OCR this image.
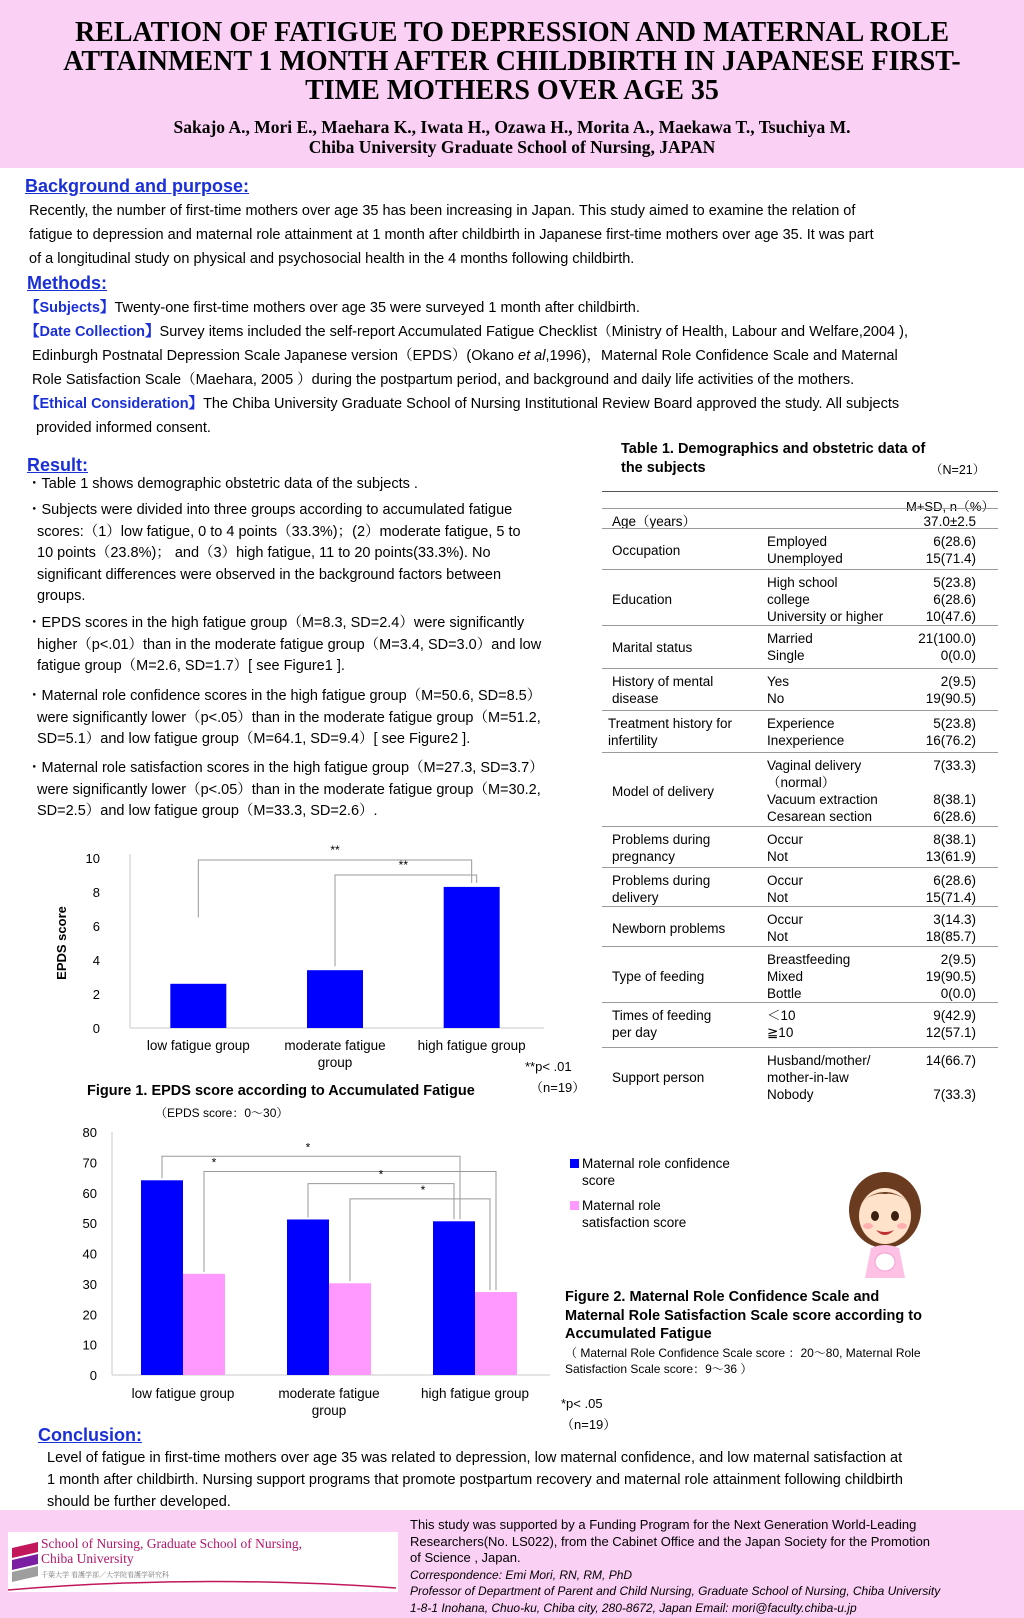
RELATION OF FATIGUE TO DEPRESSION AND MATERNAL ROLE
ATTAINMENT 1 MONTH AFTER CHILDBIRTH IN JAPANESE FIRST-
TIME MOTHERS OVER AGE 35
Sakajo A., Mori E., Maehara K., Iwata H., Ozawa H., Morita A., Maekawa T., Tsuchiya M.
Chiba University Graduate School of Nursing, JAPAN
Background and purpose:
Recently, the number of first-time mothers over age 35 has been increasing in Japan. This study aimed to examine the relation of
fatigue to depression and maternal role attainment at 1 month after childbirth in Japanese first-time mothers over age 35. It was part
of a longitudinal study on physical and psychosocial health in the 4 months following childbirth.
Methods:
【Subjects】Twenty-one first-time mothers over age 35 were surveyed 1 month after childbirth.
【Date Collection】Survey items included the self-report Accumulated Fatigue Checklist（Ministry of Health, Labour and Welfare,2004 ),
Edinburgh Postnatal Depression Scale Japanese version（EPDS）(Okano et al,1996)，Maternal Role Confidence Scale and Maternal
Role Satisfaction Scale（Maehara, 2005 ）during the postpartum period, and background and daily life activities of the mothers.
【Ethical Consideration】The Chiba University Graduate School of Nursing Institutional Review Board approved the study. All subjects
provided informed consent.
Result:
・Table 1 shows demographic obstetric data of the subjects .
・Subjects were divided into three groups according to accumulated fatigue
scores:（1）low fatigue, 0 to 4 points（33.3%)；(2）moderate fatigue, 5 to
10 points（23.8%)； and（3）high fatigue, 11 to 20 points(33.3%). No
significant differences were observed in the background factors between
groups.
・EPDS scores in the high fatigue group（M=8.3, SD=2.4）were significantly
higher（p<.01）than in the moderate fatigue group（M=3.4, SD=3.0）and low
fatigue group（M=2.6, SD=1.7）[ see Figure1 ].
・Maternal role confidence scores in the high fatigue group（M=50.6, SD=8.5）
were significantly lower（p<.05）than in the moderate fatigue group（M=51.2,
SD=5.1）and low fatigue group（M=64.1, SD=9.4）[ see Figure2 ].
・Maternal role satisfaction scores in the high fatigue group（M=27.3, SD=3.7）
were significantly lower（p<.05）than in the moderate fatigue group（M=30.2,
SD=2.5）and low fatigue group（M=33.3, SD=2.6）.
Table 1. Demographics and obstetric data of
the subjects	（N=21）
M+SD, n（%）
Age（years）	37.0±2.5
Occupation
Employed	6(28.6)
Unemployed	15(71.4)
Education
High school	5(23.8)
college	6(28.6)
University or higher	10(47.6)
Marital status
Married	21(100.0)
Single	0(0.0)
History of mental
disease
Yes	2(9.5)
No	19(90.5)
Treatment history for
infertility
Experience	5(23.8)
Inexperience	16(76.2)
Model of delivery
Vaginal delivery	7(33.3)
（normal）
Vacuum extraction	8(38.1)
Cesarean section	6(28.6)
Problems during
pregnancy
Occur	8(38.1)
Not	13(61.9)
Problems during
delivery
Occur	6(28.6)
Not	15(71.4)
Newborn problems
Occur	3(14.3)
Not	18(85.7)
Type of feeding
Breastfeeding	2(9.5)
Mixed	19(90.5)
Bottle	0(0.0)
Times of feeding
per day
＜10	9(42.9)
≧10	12(57.1)
Support person
Husband/mother/	14(66.7)
mother-in-law
Nobody	7(33.3)
0
2
4
6
8
10
EPDS score
low fatigue group	moderate fatigue
group
high fatigue group
**
**
Figure 1. EPDS score according to Accumulated Fatigue
**p< .01
（n=19）
（EPDS score：0〜30）
0
10
20
30
40
50
60
70
80
low fatigue group	moderate fatigue
group
high fatigue group
*
*
*
*
Maternal role confidence score
Maternal role satisfaction score
Figure 2. Maternal Role Confidence Scale and
Maternal Role Satisfaction Scale score according to
Accumulated Fatigue
（ Maternal Role Confidence Scale score ：20〜80, Maternal Role
Satisfaction Scale score：9〜36 ）
*p< .05
（n=19）
Conclusion:
Level of fatigue in first-time mothers over age 35 was related to depression, low maternal confidence, and low maternal satisfaction at
1 month after childbirth. Nursing support programs that promote postpartum recovery and maternal role attainment following childbirth
should be further developed.
School of Nursing, Graduate School of Nursing,
Chiba University
千葉大学 看護学部／大学院看護学研究科
This study was supported by a Funding Program for the Next Generation World-Leading
Researchers(No. LS022), from the Cabinet Office and the Japan Society for the Promotion
of Science , Japan.
Correspondence: Emi Mori, RN, RM, PhD
Professor of Department of Parent and Child Nursing, Graduate School of Nursing, Chiba University
1-8-1 Inohana, Chuo-ku, Chiba city, 280-8672, Japan Email: mori@faculty.chiba-u.jp
